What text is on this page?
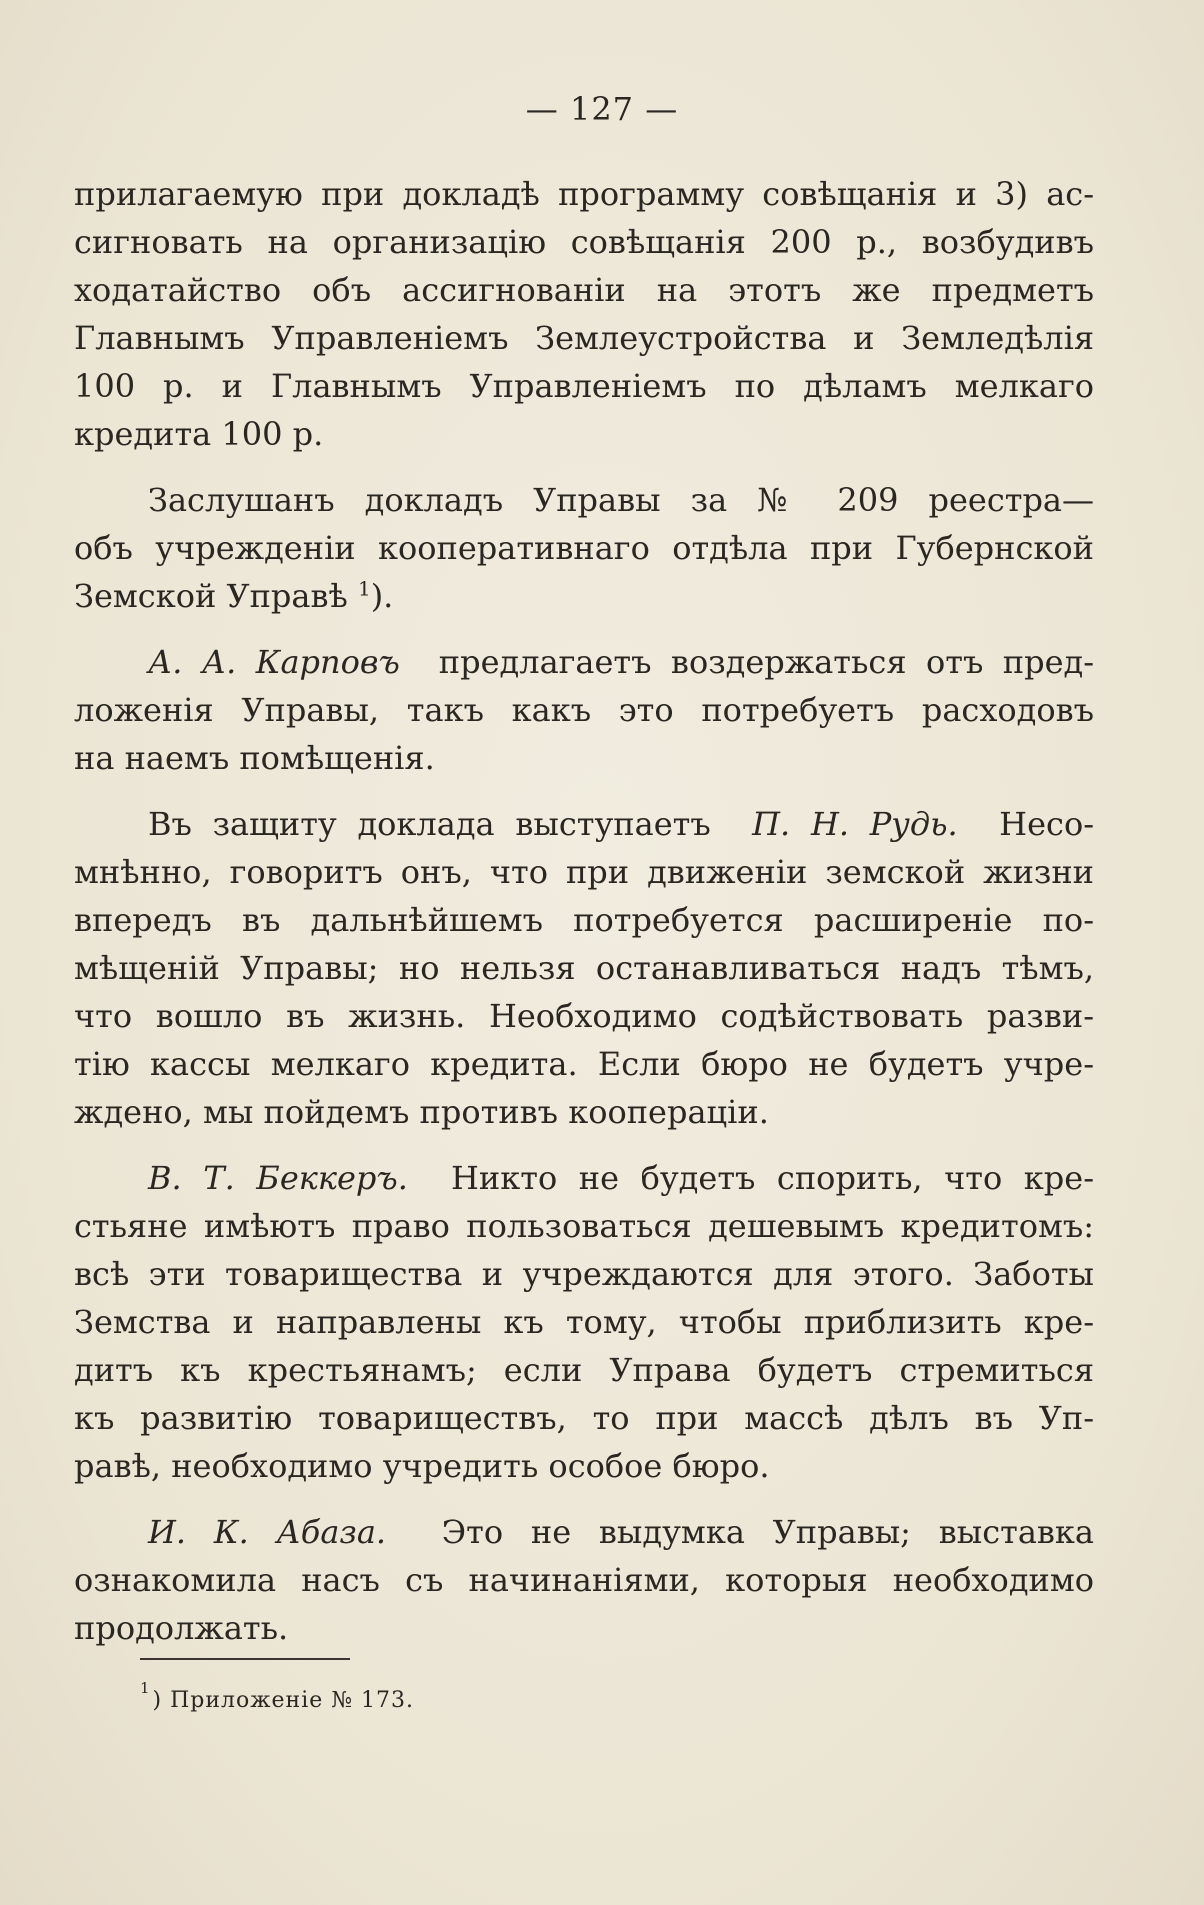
— 127 —
прилагаемую при докладѣ программу совѣщанія и 3) ас-
сигновать на организацію совѣщанія 200 р., возбудивъ
ходатайство объ ассигнованіи на этотъ же предметъ
Главнымъ Управленіемъ Землеустройства и Земледѣлія
100 р. и Главнымъ Управленіемъ по дѣламъ мелкаго
кредита 100 р.
Заслушанъ докладъ Управы за № 209 реестра—
объ учрежденіи кооперативнаго отдѣла при Губернской
Земской Управѣ $^1$).
А. А. Карповъ предлагаетъ воздержаться отъ пред-
ложенія Управы, такъ какъ это потребуетъ расходовъ
на наемъ помѣщенія.
Въ защиту доклада выступаетъ П. Н. Рудь. Несо-
мнѣнно, говоритъ онъ, что при движеніи земской жизни
впередъ въ дальнѣйшемъ потребуется расширеніе по-
мѣщеній Управы; но нельзя останавливаться надъ тѣмъ,
что вошло въ жизнь. Необходимо содѣйствовать разви-
тію кассы мелкаго кредита. Если бюро не будетъ учре-
ждено, мы пойдемъ противъ коопераціи.
В. Т. Беккеръ. Никто не будетъ спорить, что кре-
стьяне имѣютъ право пользоваться дешевымъ кредитомъ:
всѣ эти товарищества и учреждаются для этого. Заботы
Земства и направлены къ тому, чтобы приблизить кре-
дитъ къ крестьянамъ; если Управа будетъ стремиться
къ развитію товариществъ, то при массѣ дѣлъ въ Уп-
равѣ, необходимо учредить особое бюро.
И. К. Абаза. Это не выдумка Управы; выставка
ознакомила насъ съ начинаніями, которыя необходимо
продолжать.
$^1$) Приложеніе № 173.
